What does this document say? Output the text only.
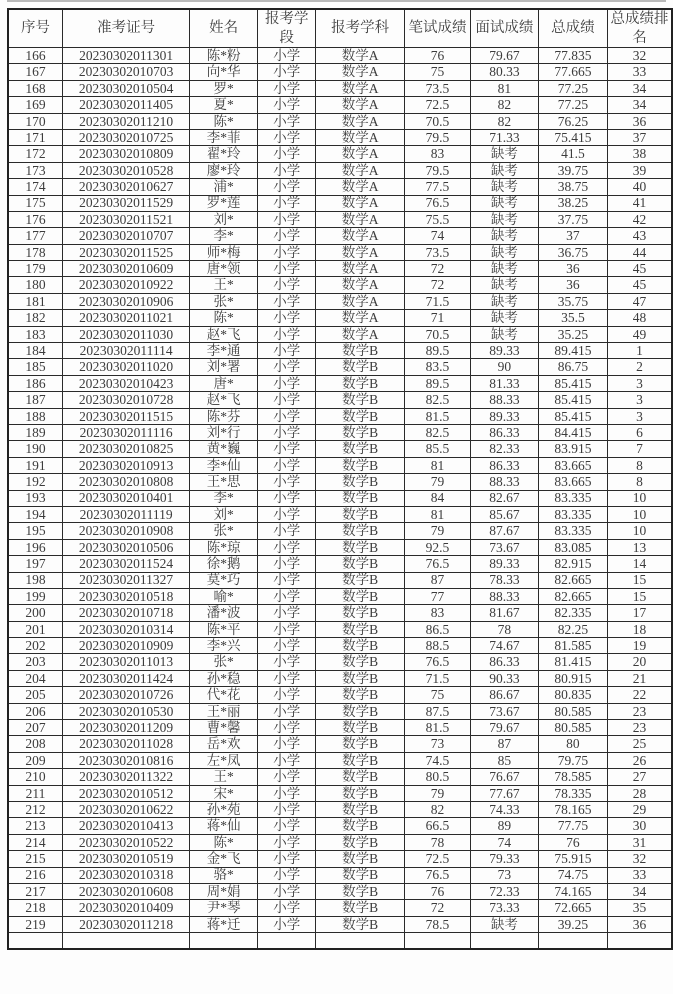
序号	准考证号	姓名	报考学段	报考学科	笔试成绩	面试成绩	总成绩	总成绩排名
166	20230302011301	陈*粉	小学	数学A	76	79.67	77.835	32
167	20230302010703	向*华	小学	数学A	75	80.33	77.665	33
168	20230302010504	罗*	小学	数学A	73.5	81	77.25	34
169	20230302011405	夏*	小学	数学A	72.5	82	77.25	34
170	20230302011210	陈*	小学	数学A	70.5	82	76.25	36
171	20230302010725	李*菲	小学	数学A	79.5	71.33	75.415	37
172	20230302010809	翟*玲	小学	数学A	83	缺考	41.5	38
173	20230302010528	廖*玲	小学	数学A	79.5	缺考	39.75	39
174	20230302010627	浦*	小学	数学A	77.5	缺考	38.75	40
175	20230302011529	罗*莲	小学	数学A	76.5	缺考	38.25	41
176	20230302011521	刘*	小学	数学A	75.5	缺考	37.75	42
177	20230302010707	李*	小学	数学A	74	缺考	37	43
178	20230302011525	师*梅	小学	数学A	73.5	缺考	36.75	44
179	20230302010609	唐*领	小学	数学A	72	缺考	36	45
180	20230302010922	王*	小学	数学A	72	缺考	36	45
181	20230302010906	张*	小学	数学A	71.5	缺考	35.75	47
182	20230302011021	陈*	小学	数学A	71	缺考	35.5	48
183	20230302011030	赵*飞	小学	数学A	70.5	缺考	35.25	49
184	20230302011114	李*通	小学	数学B	89.5	89.33	89.415	1
185	20230302011020	刘*署	小学	数学B	83.5	90	86.75	2
186	20230302010423	唐*	小学	数学B	89.5	81.33	85.415	3
187	20230302010728	赵*飞	小学	数学B	82.5	88.33	85.415	3
188	20230302011515	陈*芬	小学	数学B	81.5	89.33	85.415	3
189	20230302011116	刘*行	小学	数学B	82.5	86.33	84.415	6
190	20230302010825	黄*巍	小学	数学B	85.5	82.33	83.915	7
191	20230302010913	李*仙	小学	数学B	81	86.33	83.665	8
192	20230302010808	王*思	小学	数学B	79	88.33	83.665	8
193	20230302010401	李*	小学	数学B	84	82.67	83.335	10
194	20230302011119	刘*	小学	数学B	81	85.67	83.335	10
195	20230302010908	张*	小学	数学B	79	87.67	83.335	10
196	20230302010506	陈*琼	小学	数学B	92.5	73.67	83.085	13
197	20230302011524	徐*鹅	小学	数学B	76.5	89.33	82.915	14
198	20230302011327	莫*巧	小学	数学B	87	78.33	82.665	15
199	20230302010518	喻*	小学	数学B	77	88.33	82.665	15
200	20230302010718	潘*波	小学	数学B	83	81.67	82.335	17
201	20230302010314	陈*平	小学	数学B	86.5	78	82.25	18
202	20230302010909	李*兴	小学	数学B	88.5	74.67	81.585	19
203	20230302011013	张*	小学	数学B	76.5	86.33	81.415	20
204	20230302011424	孙*稳	小学	数学B	71.5	90.33	80.915	21
205	20230302010726	代*花	小学	数学B	75	86.67	80.835	22
206	20230302010530	王*丽	小学	数学B	87.5	73.67	80.585	23
207	20230302011209	曹*馨	小学	数学B	81.5	79.67	80.585	23
208	20230302011028	岳*欢	小学	数学B	73	87	80	25
209	20230302010816	左*凤	小学	数学B	74.5	85	79.75	26
210	20230302011322	王*	小学	数学B	80.5	76.67	78.585	27
211	20230302010512	宋*	小学	数学B	79	77.67	78.335	28
212	20230302010622	孙*苑	小学	数学B	82	74.33	78.165	29
213	20230302010413	蒋*仙	小学	数学B	66.5	89	77.75	30
214	20230302010522	陈*	小学	数学B	78	74	76	31
215	20230302010519	金*飞	小学	数学B	72.5	79.33	75.915	32
216	20230302010318	骆*	小学	数学B	76.5	73	74.75	33
217	20230302010608	周*娟	小学	数学B	76	72.33	74.165	34
218	20230302010409	尹*琴	小学	数学B	72	73.33	72.665	35
219	20230302011218	蒋*迁	小学	数学B	78.5	缺考	39.25	36
